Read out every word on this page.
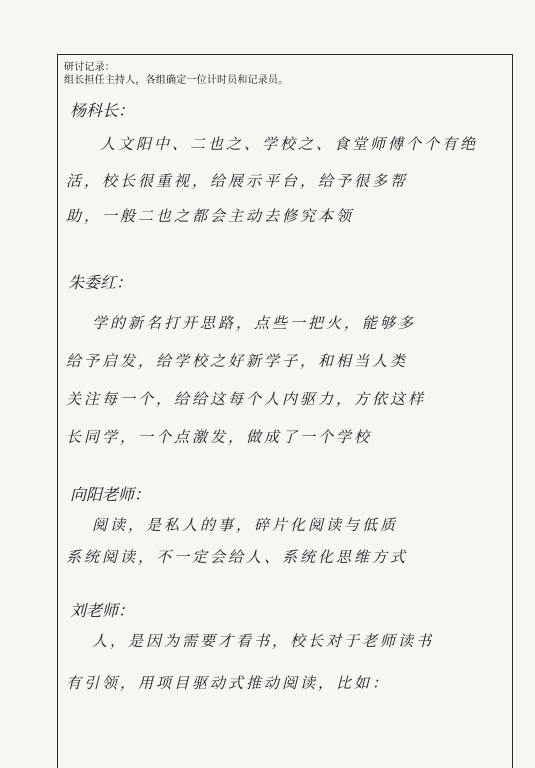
研讨记录：
组长担任主持人，各组确定一位计时员和记录员。
杨科长：
人文阳中、二也之、学校之、食堂师傅个个有绝
活，校长很重视，给展示平台，给予很多帮
助，一般二也之都会主动去修究本领
朱委红：
学的新名打开思路，点些一把火，能够多
给予启发，给学校之好新学子，和相当人类
关注每一个，给给这每个人内驱力，方依这样
长同学，一个点激发，做成了一个学校
向阳老师：
阅读，是私人的事，碎片化阅读与低质
系统阅读，不一定会给人、系统化思维方式
刘老师：
人，是因为需要才看书，校长对于老师读书
有引领，用项目驱动式推动阅读，比如：
